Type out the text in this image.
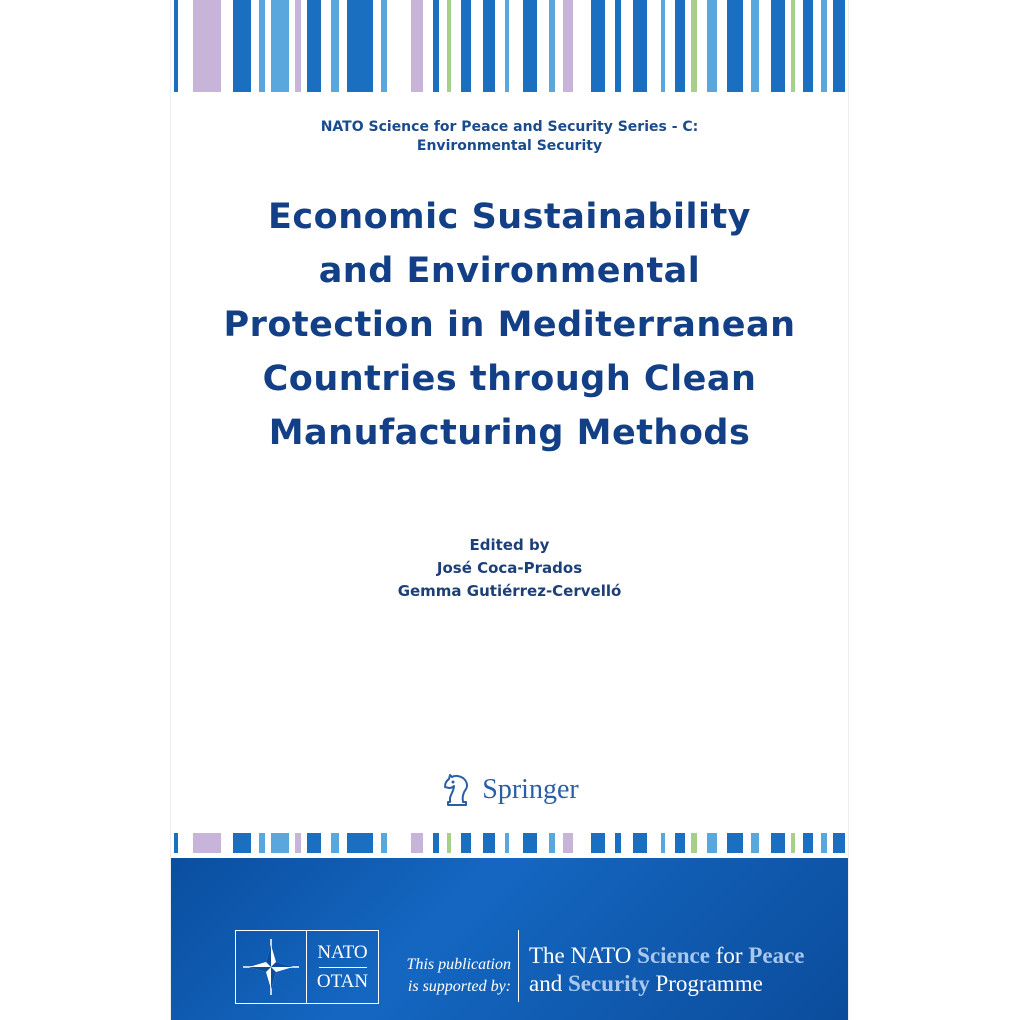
NATO Science for Peace and Security Series - C:
Environmental Security
Economic Sustainability
and Environmental
Protection in Mediterranean
Countries through Clean
Manufacturing Methods
Edited by
José Coca-Prados
Gemma Gutiérrez-Cervelló
Springer
NATO
OTAN
This publication
is supported by:
The NATO Science for Peace
and Security Programme
